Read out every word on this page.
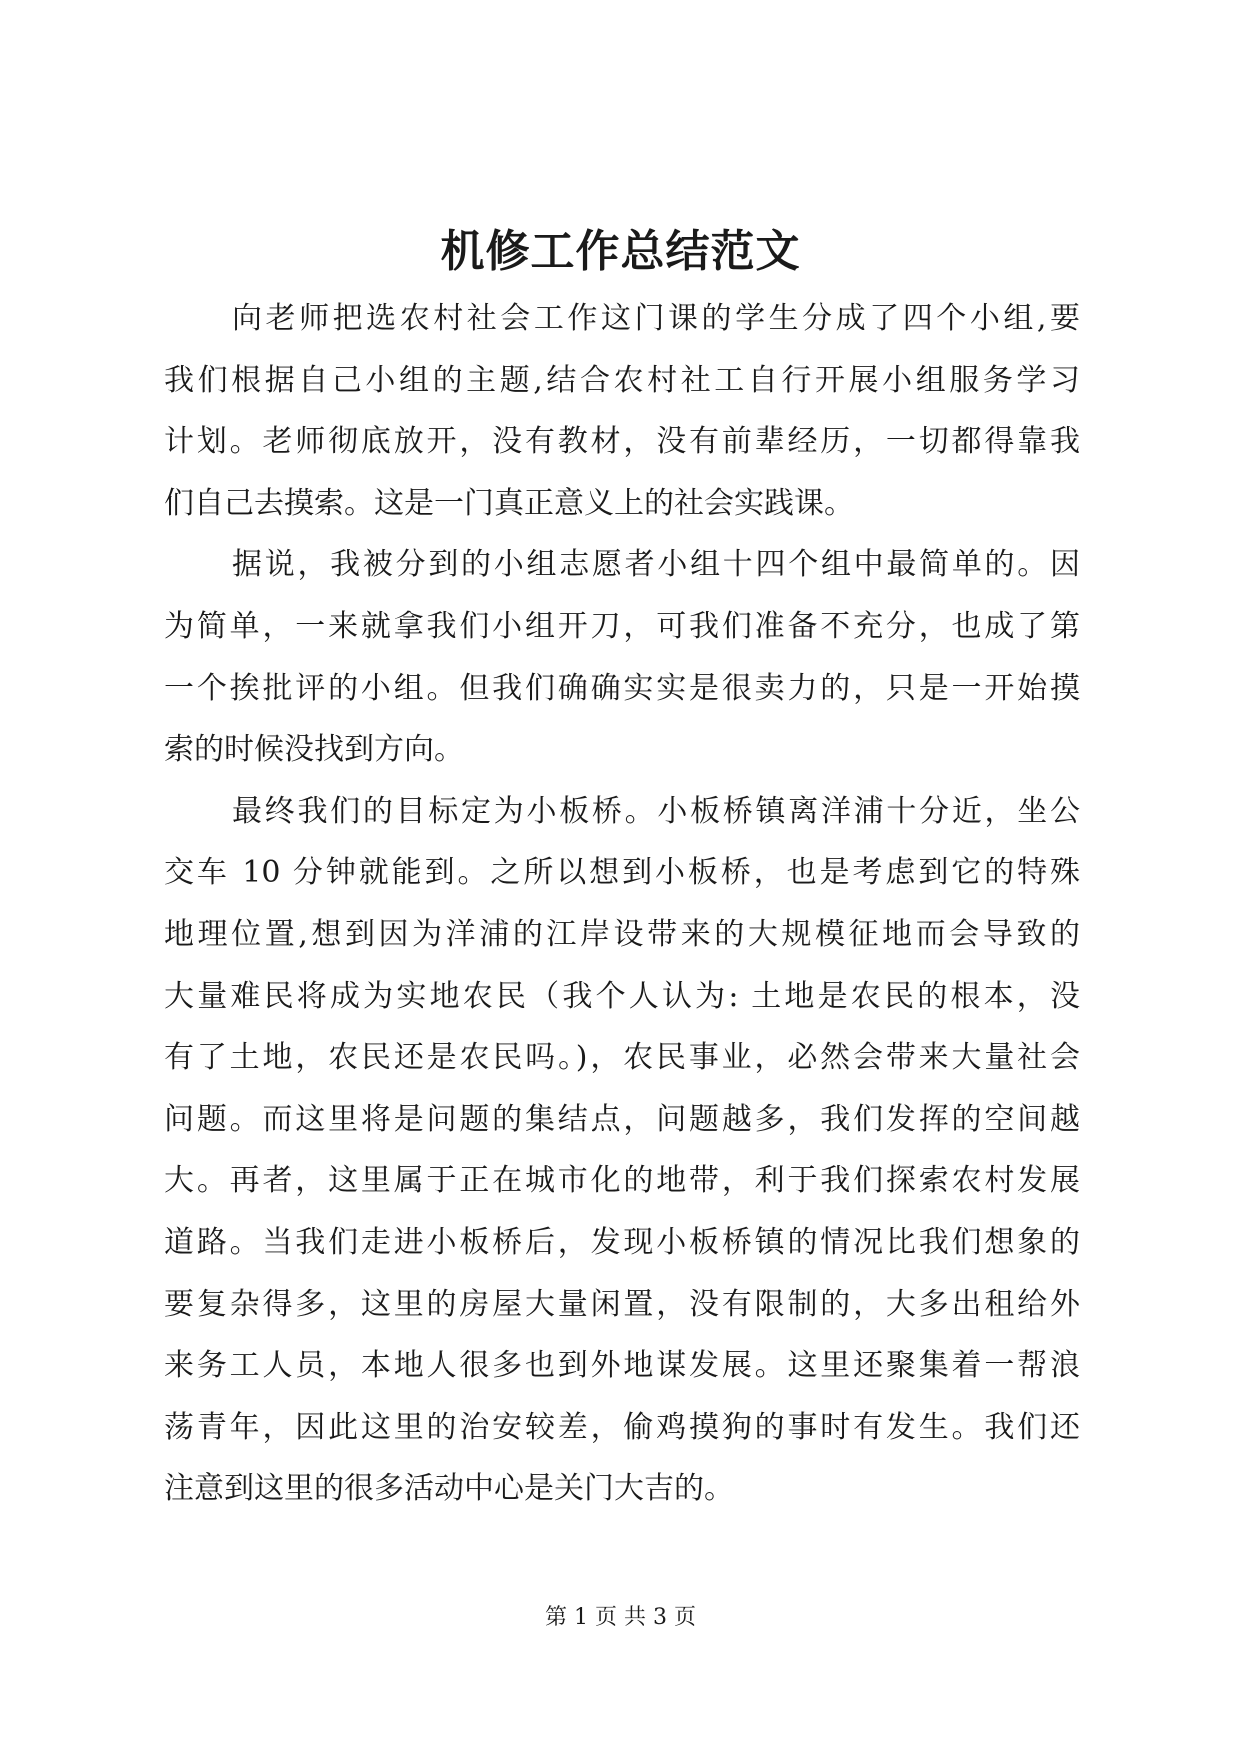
机修工作总结范文
向老师把选农村社会工作这门课的学生分成了四个小组,要
我们根据自己小组的主题,结合农村社工自行开展小组服务学习
计划。老师彻底放开，没有教材，没有前辈经历，一切都得靠我
们自己去摸索。这是一门真正意义上的社会实践课。
据说，我被分到的小组志愿者小组十四个组中最简单的。因
为简单，一来就拿我们小组开刀，可我们准备不充分，也成了第
一个挨批评的小组。但我们确确实实是很卖力的，只是一开始摸
索的时候没找到方向。
最终我们的目标定为小板桥。小板桥镇离洋浦十分近，坐公
交车 10 分钟就能到。之所以想到小板桥，也是考虑到它的特殊
地理位置,想到因为洋浦的江岸设带来的大规模征地而会导致的
大量难民将成为实地农民（我个人认为: 土地是农民的根本，没
有了土地，农民还是农民吗。)，农民事业，必然会带来大量社会
问题。而这里将是问题的集结点，问题越多，我们发挥的空间越
大。再者，这里属于正在城市化的地带，利于我们探索农村发展
道路。当我们走进小板桥后，发现小板桥镇的情况比我们想象的
要复杂得多，这里的房屋大量闲置，没有限制的，大多出租给外
来务工人员，本地人很多也到外地谋发展。这里还聚集着一帮浪
荡青年，因此这里的治安较差，偷鸡摸狗的事时有发生。我们还
注意到这里的很多活动中心是关门大吉的。
第 1 页 共 3 页
